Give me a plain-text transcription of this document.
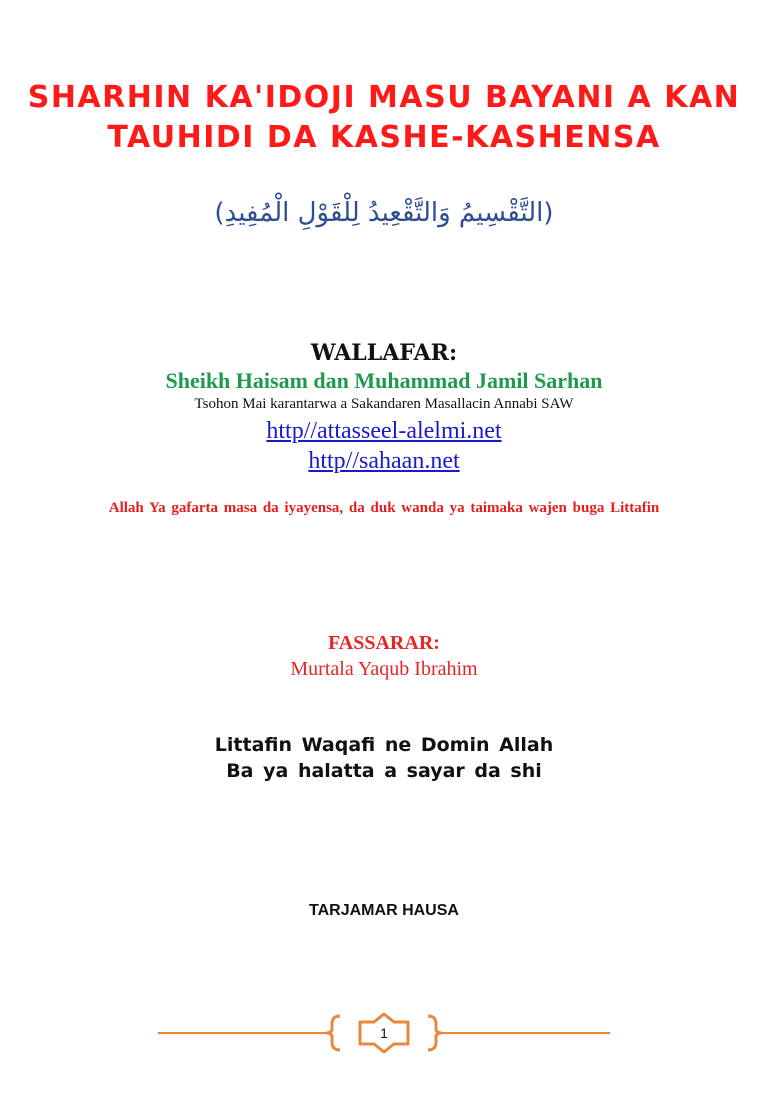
SHARHIN KA'IDOJI MASU BAYANI A KAN
TAUHIDI DA KASHE-KASHENSA
(التَّقْسِيمُ وَالتَّقْعِيدُ لِلْقَوْلِ الْمُفِيدِ)
WALLAFAR:
Sheikh Haisam dan Muhammad Jamil Sarhan
Tsohon Mai karantarwa a Sakandaren Masallacin Annabi SAW
http//attasseel-alelmi.net
http//sahaan.net
Allah Ya gafarta masa da iyayensa, da duk wanda ya taimaka wajen buga Littafin
FASSARAR:
Murtala Yaqub Ibrahim
Littafin Waqafi ne Domin Allah
Ba ya halatta a sayar da shi
TARJAMAR HAUSA
1
